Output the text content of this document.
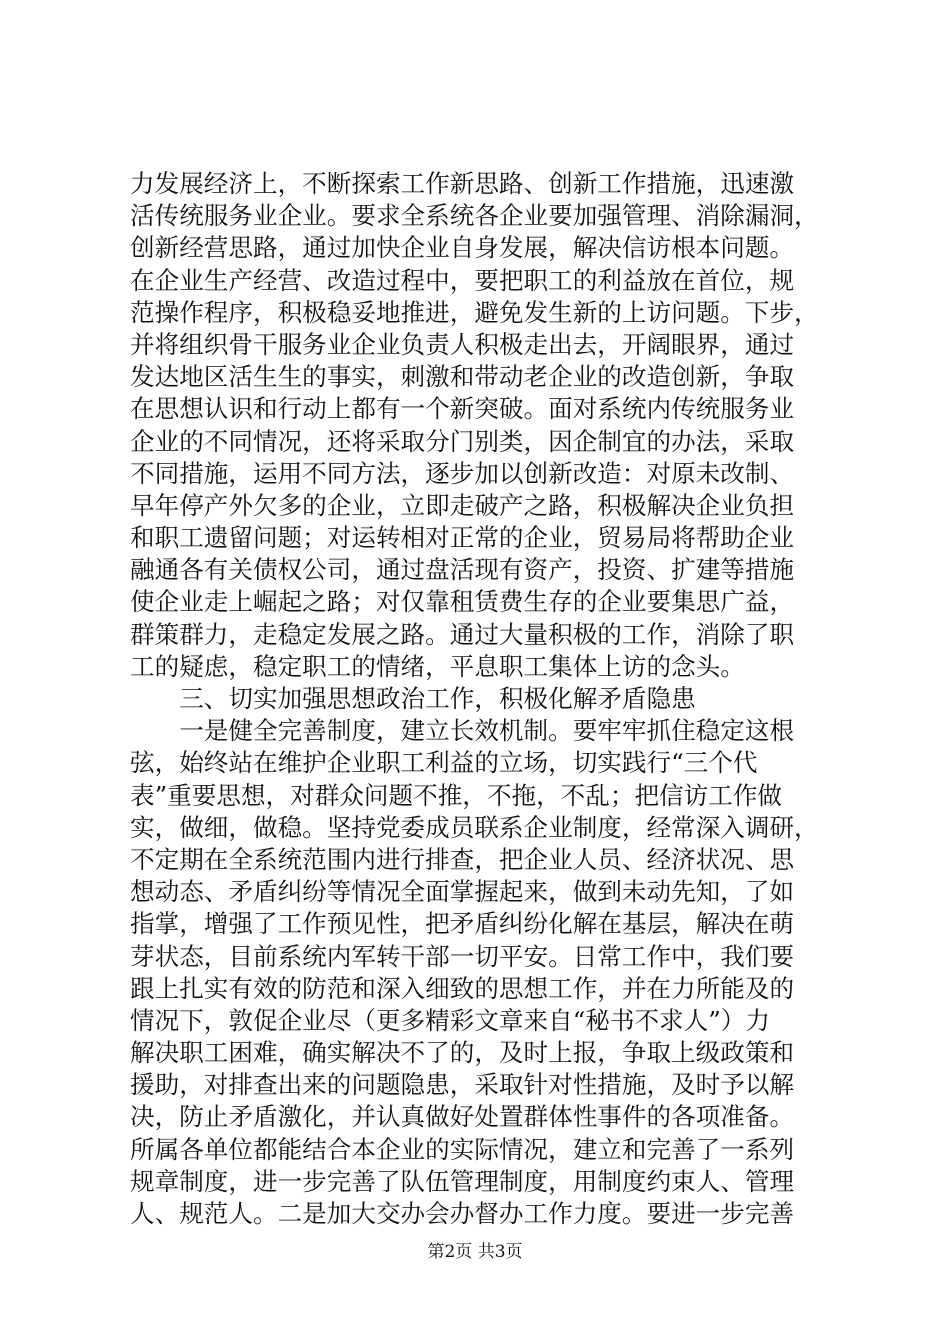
力发展经济上，不断探索工作新思路、创新工作措施，迅速激
活传统服务业企业。要求全系统各企业要加强管理、消除漏洞，
创新经营思路，通过加快企业自身发展，解决信访根本问题。
在企业生产经营、改造过程中，要把职工的利益放在首位，规
范操作程序，积极稳妥地推进，避免发生新的上访问题。下步，
并将组织骨干服务业企业负责人积极走出去，开阔眼界，通过
发达地区活生生的事实，刺激和带动老企业的改造创新，争取
在思想认识和行动上都有一个新突破。面对系统内传统服务业
企业的不同情况，还将采取分门别类，因企制宜的办法，采取
不同措施，运用不同方法，逐步加以创新改造：对原未改制、
早年停产外欠多的企业，立即走破产之路，积极解决企业负担
和职工遗留问题；对运转相对正常的企业，贸易局将帮助企业
融通各有关债权公司，通过盘活现有资产，投资、扩建等措施
使企业走上崛起之路；对仅靠租赁费生存的企业要集思广益，
群策群力，走稳定发展之路。通过大量积极的工作，消除了职
工的疑虑，稳定职工的情绪，平息职工集体上访的念头。
　　三、切实加强思想政治工作，积极化解矛盾隐患
　　一是健全完善制度，建立长效机制。要牢牢抓住稳定这根
弦，始终站在维护企业职工利益的立场，切实践行“三个代
表”重要思想，对群众问题不推，不拖，不乱；把信访工作做
实，做细，做稳。坚持党委成员联系企业制度，经常深入调研，
不定期在全系统范围内进行排查，把企业人员、经济状况、思
想动态、矛盾纠纷等情况全面掌握起来，做到未动先知，了如
指掌，增强了工作预见性，把矛盾纠纷化解在基层，解决在萌
芽状态，目前系统内军转干部一切平安。日常工作中，我们要
跟上扎实有效的防范和深入细致的思想工作，并在力所能及的
情况下，敦促企业尽（更多精彩文章来自“秘书不求人”）力
解决职工困难，确实解决不了的，及时上报，争取上级政策和
援助，对排查出来的问题隐患，采取针对性措施，及时予以解
决，防止矛盾激化，并认真做好处置群体性事件的各项准备。
所属各单位都能结合本企业的实际情况，建立和完善了一系列
规章制度，进一步完善了队伍管理制度，用制度约束人、管理
人、规范人。二是加大交办会办督办工作力度。要进一步完善
第2页 共3页
